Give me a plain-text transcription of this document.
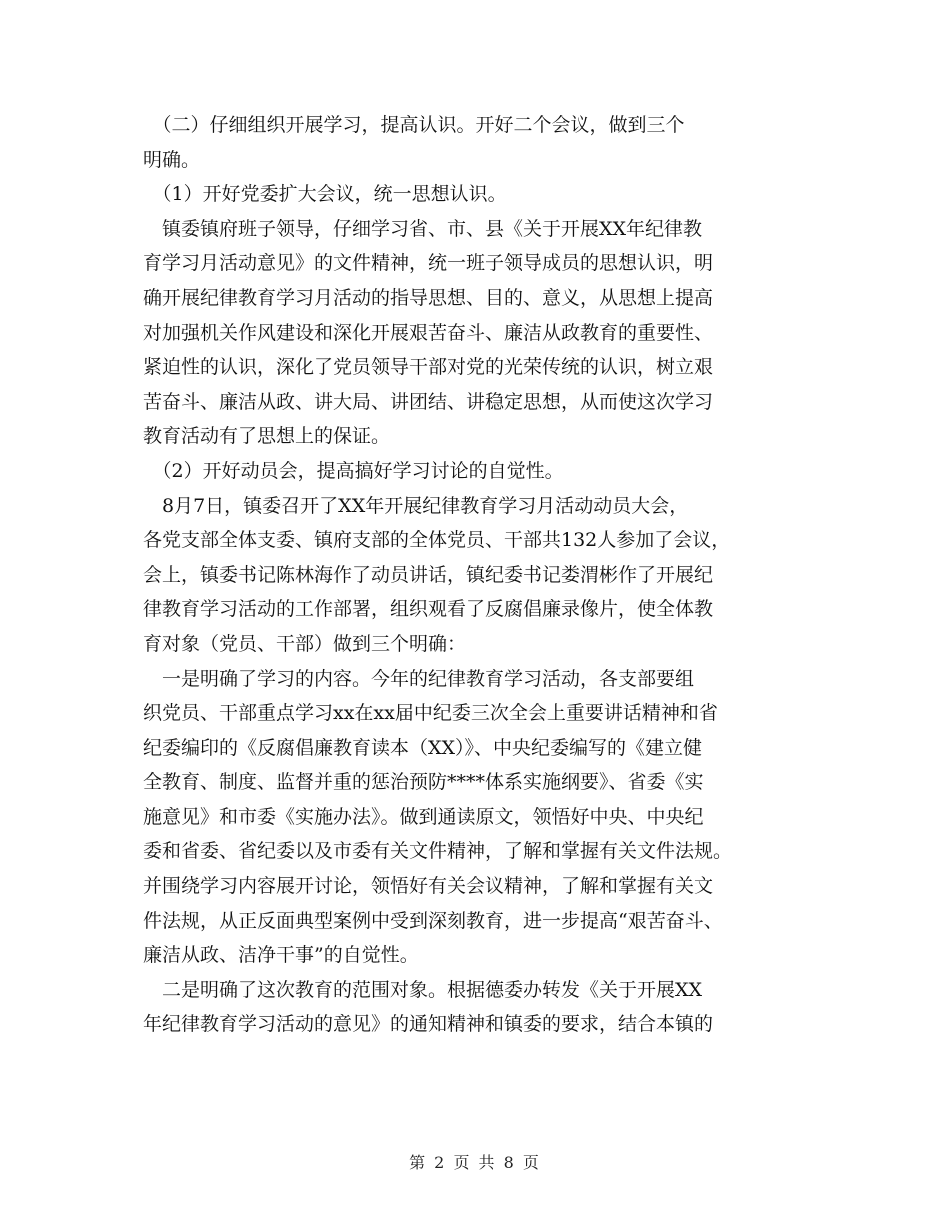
　（二）仔细组织开展学习，提高认识。开好二个会议，做到三个
明确。
　（1）开好党委扩大会议，统一思想认识。
　镇委镇府班子领导，仔细学习省、市、县《关于开展XX年纪律教
育学习月活动意见》的文件精神，统一班子领导成员的思想认识，明
确开展纪律教育学习月活动的指导思想、目的、意义，从思想上提高
对加强机关作风建设和深化开展艰苦奋斗、廉洁从政教育的重要性、
紧迫性的认识，深化了党员领导干部对党的光荣传统的认识，树立艰
苦奋斗、廉洁从政、讲大局、讲团结、讲稳定思想，从而使这次学习
教育活动有了思想上的保证。
　（2）开好动员会，提高搞好学习讨论的自觉性。
　8月7日，镇委召开了XX年开展纪律教育学习月活动动员大会，
各党支部全体支委、镇府支部的全体党员、干部共132人参加了会议，
会上，镇委书记陈林海作了动员讲话，镇纪委书记娄渭彬作了开展纪
律教育学习活动的工作部署，组织观看了反腐倡廉录像片，使全体教
育对象（党员、干部）做到三个明确：
　一是明确了学习的内容。今年的纪律教育学习活动，各支部要组
织党员、干部重点学习xx在xx届中纪委三次全会上重要讲话精神和省
纪委编印的《反腐倡廉教育读本（XX）》、中央纪委编写的《建立健
全教育、制度、监督并重的惩治预防****体系实施纲要》、省委《实
施意见》和市委《实施办法》。做到通读原文，领悟好中央、中央纪
委和省委、省纪委以及市委有关文件精神，了解和掌握有关文件法规。
并围绕学习内容展开讨论，领悟好有关会议精神，了解和掌握有关文
件法规，从正反面典型案例中受到深刻教育，进一步提高“艰苦奋斗、
廉洁从政、洁净干事”的自觉性。
　二是明确了这次教育的范围对象。根据德委办转发《关于开展XX
年纪律教育学习活动的意见》的通知精神和镇委的要求，结合本镇的
第 2 页 共 8 页
